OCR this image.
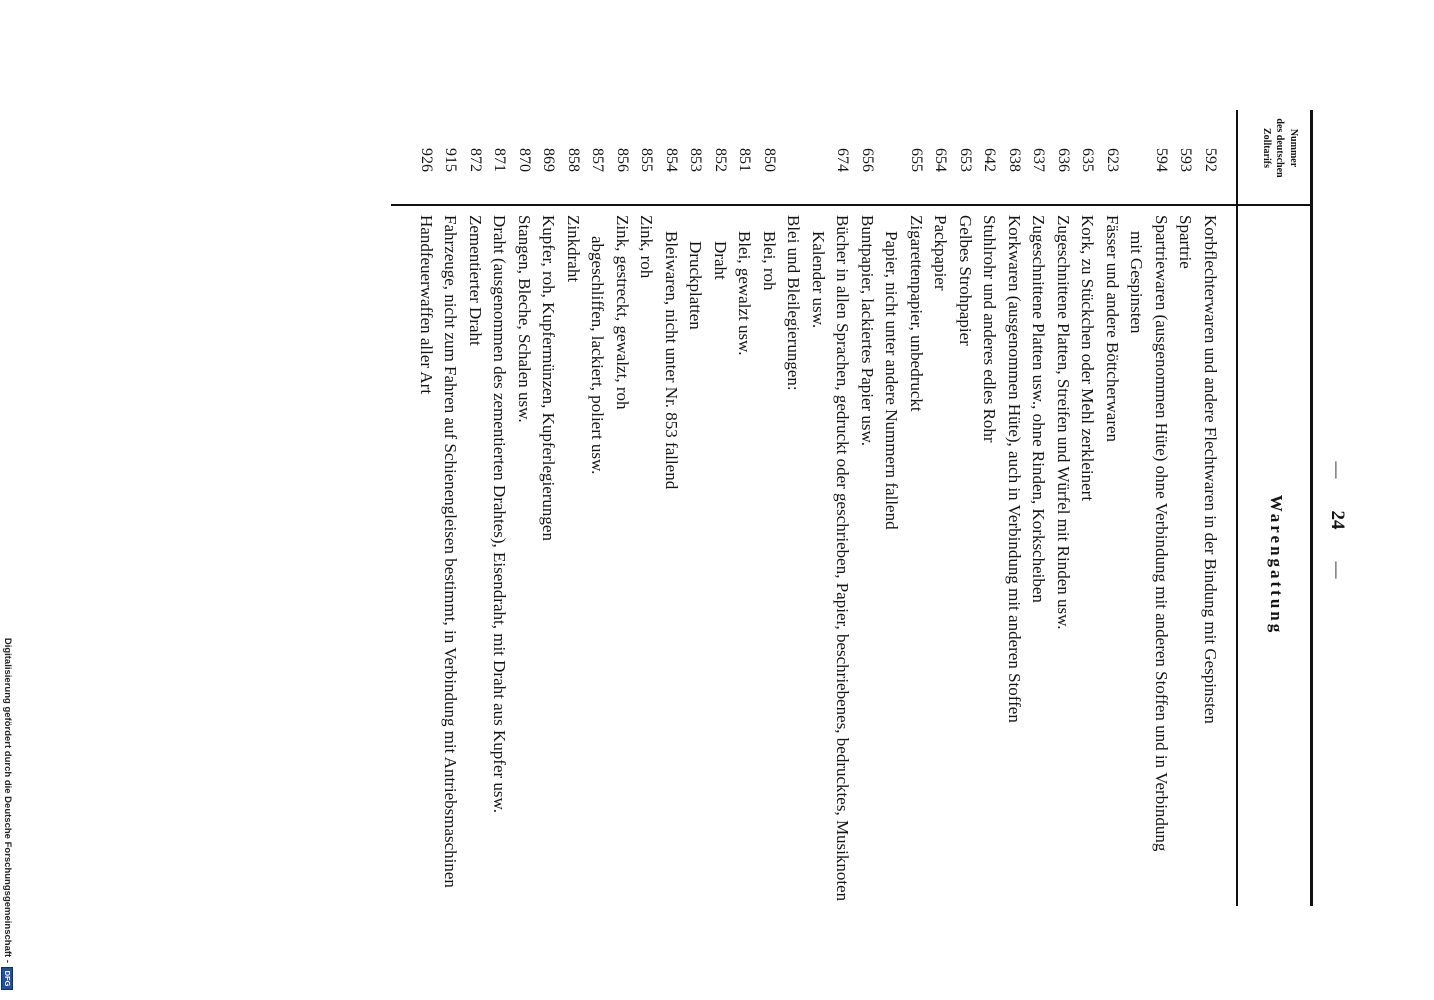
—24—
Nummer
des deutschen
Zolltarifs
Warengattung
592
Korbflechterwaren und andere Flechtwaren in der Bindung mit Gespinsten
593
Spartrie
594
Spartriewaren (ausgenommen Hüte) ohne Verbindung mit anderen Stoffen und in Verbindung
mit Gespinsten
623
Fässer und andere Böttcherwaren
635
Kork, zu Stückchen oder Mehl zerkleinert
636
Zugeschnittene Platten, Streifen und Würfel mit Rinden usw.
637
Zugeschnittene Platten usw., ohne Rinden, Korkscheiben
638
Korkwaren (ausgenommen Hüte), auch in Verbindung mit anderen Stoffen
642
Stuhlrohr und anderes edles Rohr
653
Gelbes Strohpapier
654
Packpapier
655
Zigarettenpapier, unbedruckt
Papier, nicht unter andere Nummern fallend
656
Buntpapier, lackiertes Papier usw.
674
Bücher in allen Sprachen, gedruckt oder geschrieben, Papier, beschriebenes, bedrucktes, Musiknoten
Kalender usw.
Blei und Bleilegierungen:
850
Blei, roh
851
Blei, gewalzt usw.
852
Draht
853
Druckplatten
854
Bleiwaren, nicht unter Nr. 853 fallend
855
Zink, roh
856
Zink, gestreckt, gewalzt, roh
857
abgeschliffen, lackiert, poliert usw.
858
Zinkdraht
869
Kupfer, roh, Kupfermünzen, Kupferlegierungen
870
Stangen, Bleche, Schalen usw.
871
Draht (ausgenommen des zementierten Drahtes), Eisendraht, mit Draht aus Kupfer usw.
872
Zementierter Draht
915
Fahrzeuge, nicht zum Fahren auf Schienengleisen bestimmt, in Verbindung mit Antriebsmaschinen
926
Handfeuerwaffen aller Art
Digitalisierung gefördert durch die Deutsche Forschungsgemeinschaft -
DFG
